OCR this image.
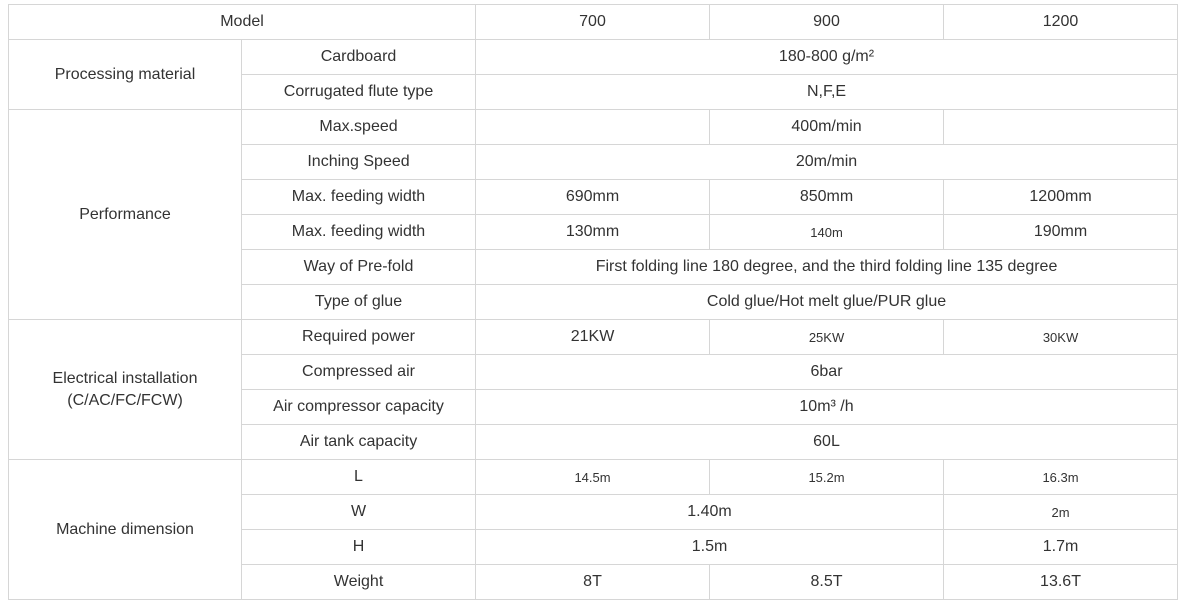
Model		700	900	1200
Processing material	Cardboard	180-800 g/m²		
	Corrugated flute type	N,F,E		
Performance	Max.speed		400m/min	
	Inching Speed	20m/min		
	Max. feeding width	690mm	850mm	1200mm
	Max. feeding width	130mm	140m	190mm
	Way of Pre-fold	First folding line 180 degree, and the third folding line 135 degree		
	Type of glue	Cold glue/Hot melt glue/PUR glue		

Electrical installation
(C/AC/FC/FCW)	Required power	21KW	25KW	30KW
	Compressed air	6bar		
	Air compressor capacity	10m³ /h		
	Air tank capacity	60L		
Machine dimension	L	14.5m	15.2m	16.3m
	W	1.40m		2m
	H	1.5m		1.7m
	Weight	8T	8.5T	13.6T
